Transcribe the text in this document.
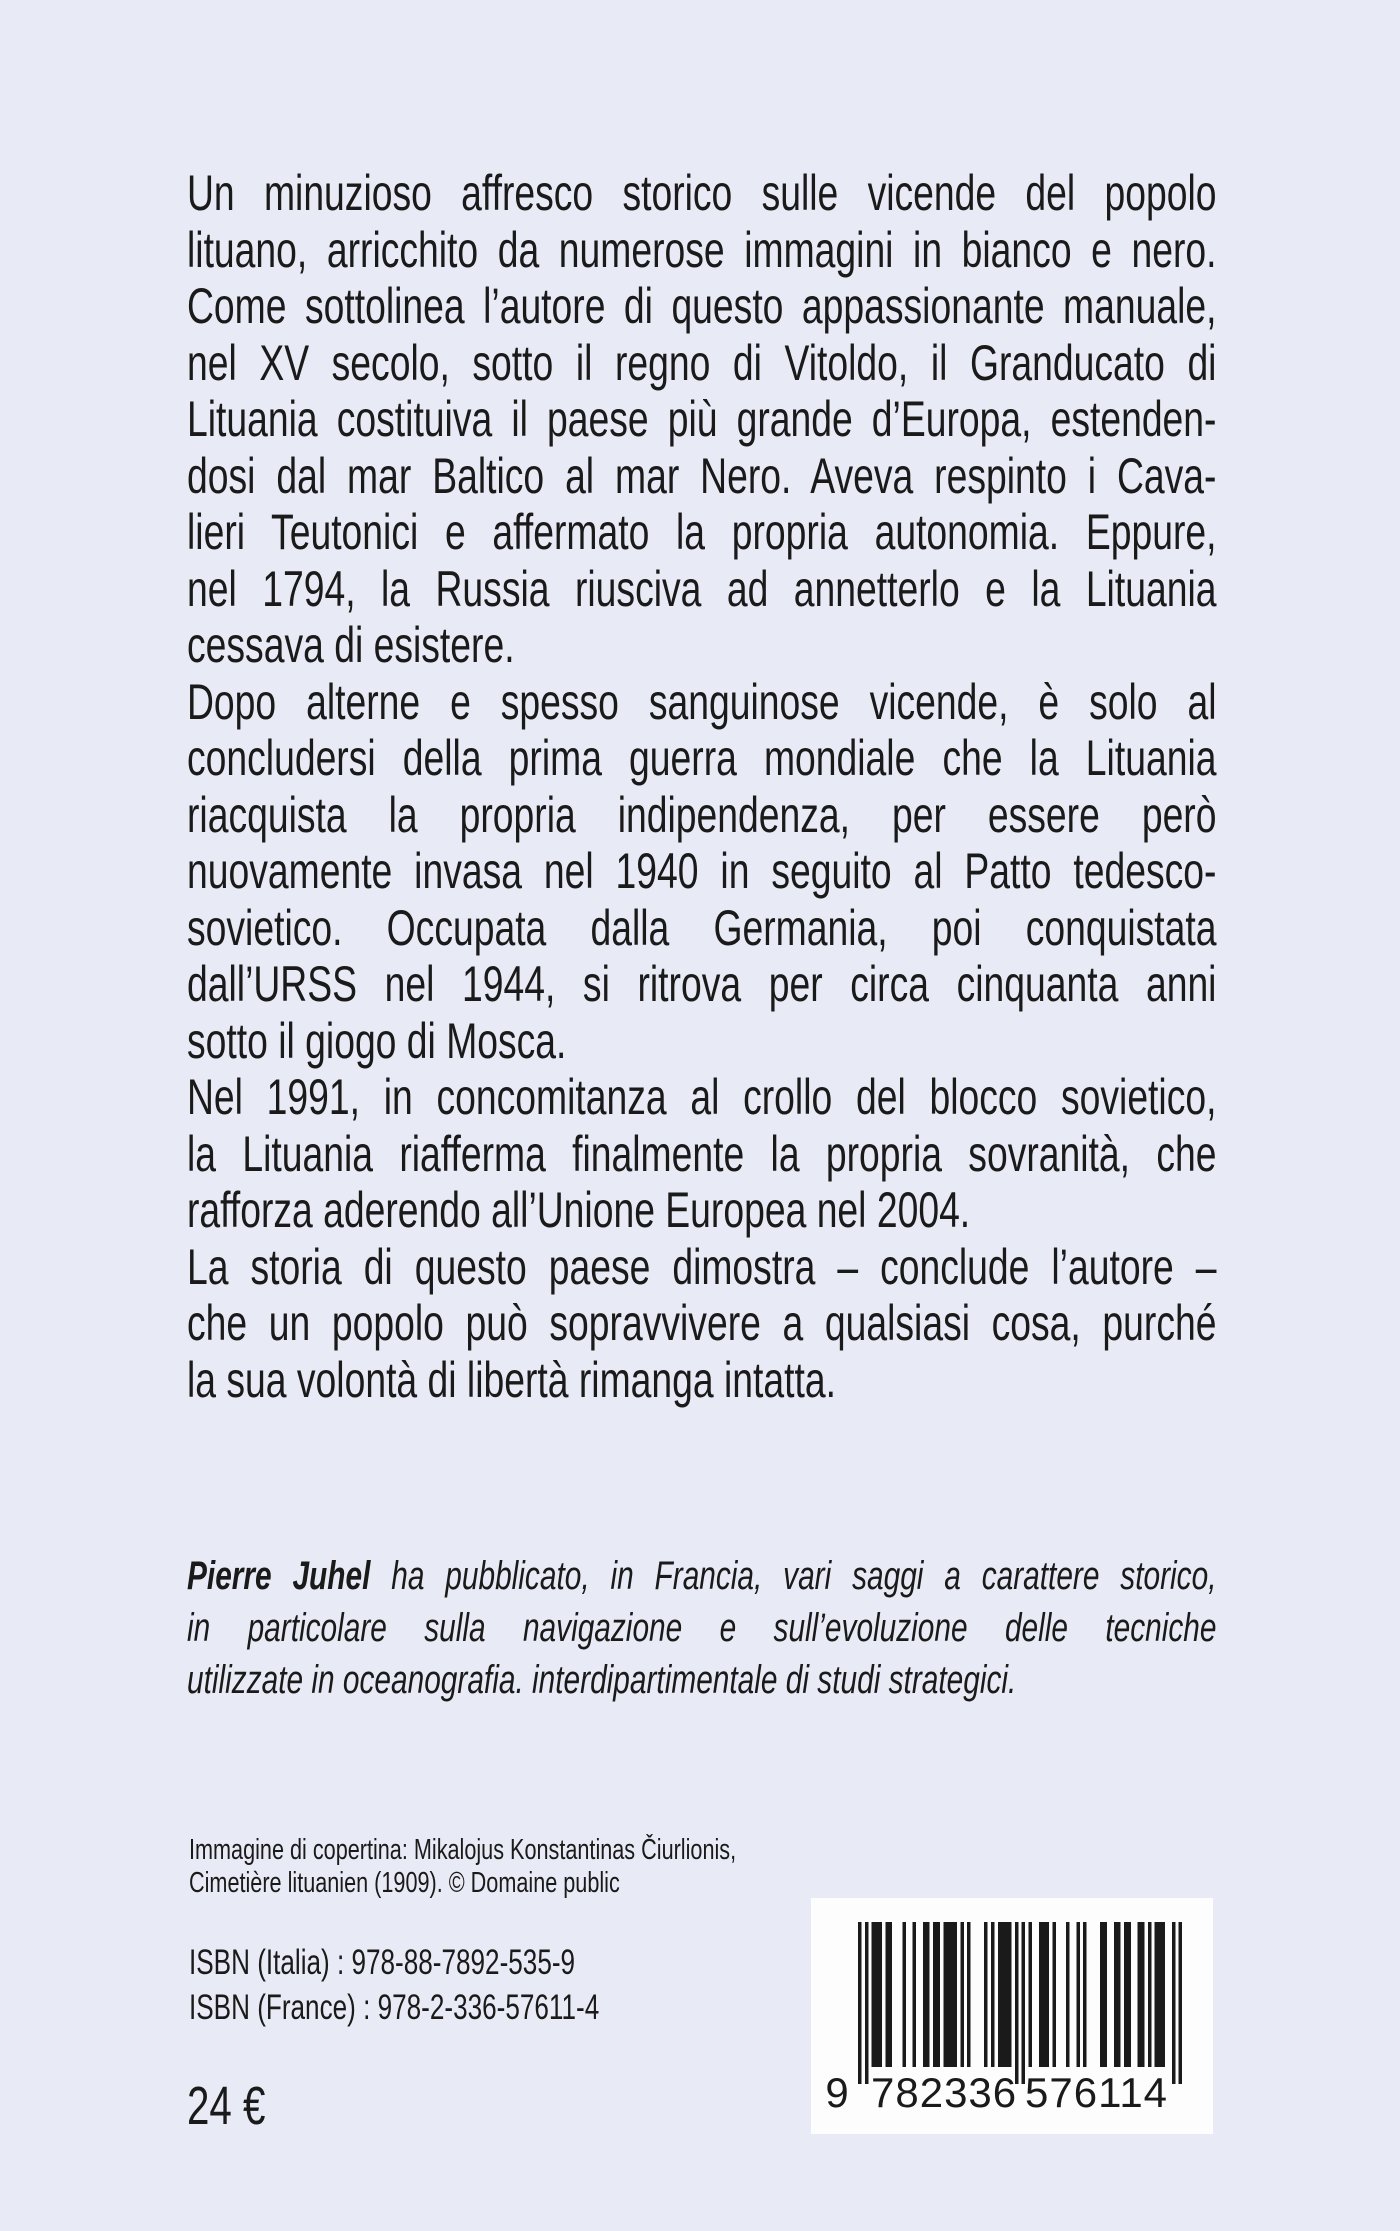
Un minuzioso affresco storico sulle vicende del popolo
lituano, arricchito da numerose immagini in bianco e nero.
Come sottolinea l’autore di questo appassionante manuale,
nel XV secolo, sotto il regno di Vitoldo, il Granducato di
Lituania costituiva il paese più grande d’Europa, estenden-
dosi dal mar Baltico al mar Nero. Aveva respinto i Cava-
lieri Teutonici e affermato la propria autonomia. Eppure,
nel 1794, la Russia riusciva ad annetterlo e la Lituania
cessava di esistere.
Dopo alterne e spesso sanguinose vicende, è solo al
concludersi della prima guerra mondiale che la Lituania
riacquista la propria indipendenza, per essere però
nuovamente invasa nel 1940 in seguito al Patto tedesco-
sovietico. Occupata dalla Germania, poi conquistata
dall’URSS nel 1944, si ritrova per circa cinquanta anni
sotto il giogo di Mosca.
Nel 1991, in concomitanza al crollo del blocco sovietico,
la Lituania riafferma finalmente la propria sovranità, che
rafforza aderendo all’Unione Europea nel 2004.
La storia di questo paese dimostra – conclude l’autore –
che un popolo può sopravvivere a qualsiasi cosa, purché
la sua volontà di libertà rimanga intatta.
Pierre Juhel ha pubblicato, in Francia, vari saggi a carattere storico,
in particolare sulla navigazione e sull’evoluzione delle tecniche
utilizzate in oceanografia. interdipartimentale di studi strategici.
Immagine di copertina: Mikalojus Konstantinas Čiurlionis,
Cimetière lituanien (1909). © Domaine public
ISBN (Italia) : 978-88-7892-535-9
ISBN (France) : 978-2-336-57611-4
24 €	9 782336 576114
